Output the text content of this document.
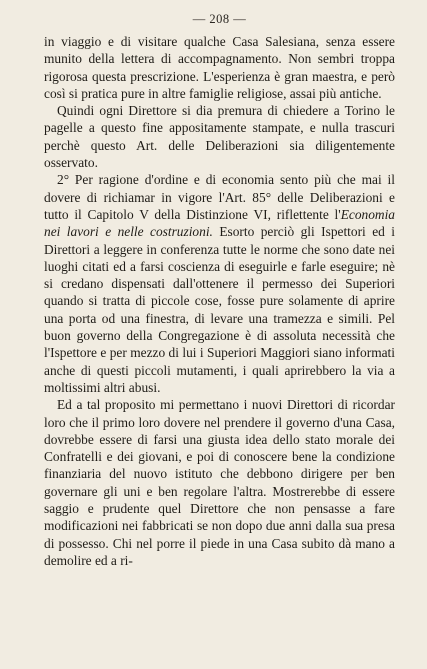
— 208 —

in viaggio e di visitare qualche Casa Salesiana, senza essere munito della lettera di accompagnamento. Non sembri troppa rigorosa questa prescrizione. L'esperienza è gran maestra, e però così si pratica pure in altre famiglie religiose, assai più antiche.

Quindi ogni Direttore si dia premura di chiedere a Torino le pagelle a questo fine appositamente stampate, e nulla trascuri perchè questo Art. delle Deliberazioni sia diligentemente osservato.

2° Per ragione d'ordine e di economia sento più che mai il dovere di richiamar in vigore l'Art. 85° delle Deliberazioni e tutto il Capitolo V della Distinzione VI, riflettente l'Economia nei lavori e nelle costruzioni. Esorto perciò gli Ispettori ed i Direttori a leggere in conferenza tutte le norme che sono date nei luoghi citati ed a farsi coscienza di eseguirle e farle eseguire; nè si credano dispensati dall'ottenere il permesso dei Superiori quando si tratta di piccole cose, fosse pure solamente di aprire una porta od una finestra, di levare una tramezza e simili. Pel buon governo della Congregazione è di assoluta necessità che l'Ispettore e per mezzo di lui i Superiori Maggiori siano informati anche di questi piccoli mutamenti, i quali aprirebbero la via a moltissimi altri abusi.

Ed a tal proposito mi permettano i nuovi Direttori di ricordar loro che il primo loro dovere nel prendere il governo d'una Casa, dovrebbe essere di farsi una giusta idea dello stato morale dei Confratelli e dei giovani, e poi di conoscere bene la condizione finanziaria del nuovo istituto che debbono dirigere per ben governare gli uni e ben regolare l'altra. Mostrerebbe di essere saggio e prudente quel Direttore che non pensasse a fare modificazioni nei fabbricati se non dopo due anni dalla sua presa di possesso. Chi nel porre il piede in una Casa subito dà mano a demolire ed a ri-
